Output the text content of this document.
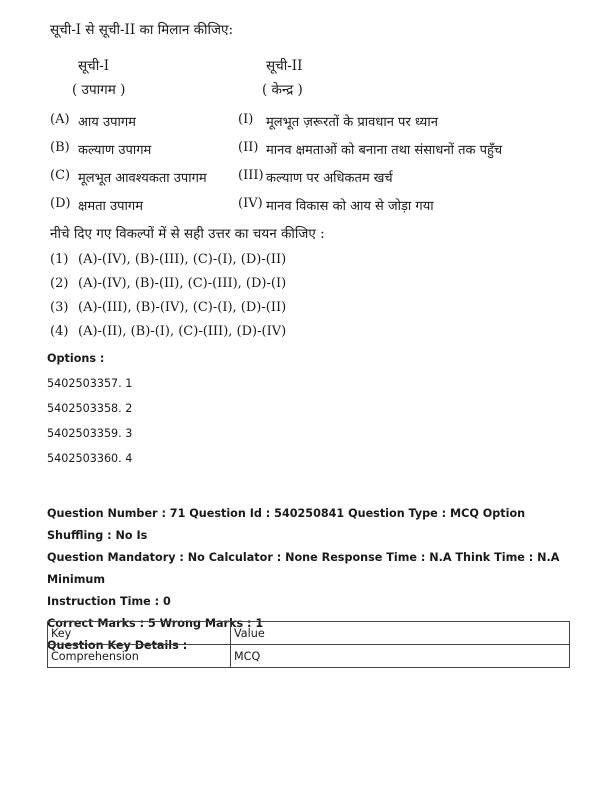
सूची-I से सूची-II का मिलान कीजिए:
सूची-I
( उपागम )
सूची-II
( केन्द्र )
(A) आय उपागम	(I) मूलभूत ज़रूरतों के प्रावधान पर ध्यान
(B) कल्याण उपागम	(II) मानव क्षमताओं को बनाना तथा संसाधनों तक पहुँच
(C) मूलभूत आवश्यकता उपागम (III) कल्याण पर अधिकतम खर्च
(D) क्षमता उपागम	(IV) मानव विकास को आय से जोड़ा गया
नीचे दिए गए विकल्पों में से सही उत्तर का चयन कीजिए :
(1) (A)-(IV), (B)-(III), (C)-(I), (D)-(II)
(2) (A)-(IV), (B)-(II), (C)-(III), (D)-(I)
(3) (A)-(III), (B)-(IV), (C)-(I), (D)-(II)
(4) (A)-(II), (B)-(I), (C)-(III), (D)-(IV)
Options :
5402503357. 1
5402503358. 2
5402503359. 3
5402503360. 4
Question Number : 71 Question Id : 540250841 Question Type : MCQ Option Shuffling : No Is
Question Mandatory : No Calculator : None Response Time : N.A Think Time : N.A Minimum
Instruction Time : 0
Correct Marks : 5 Wrong Marks : 1
Question Key Details :
Key	Value
Comprehension	MCQ
